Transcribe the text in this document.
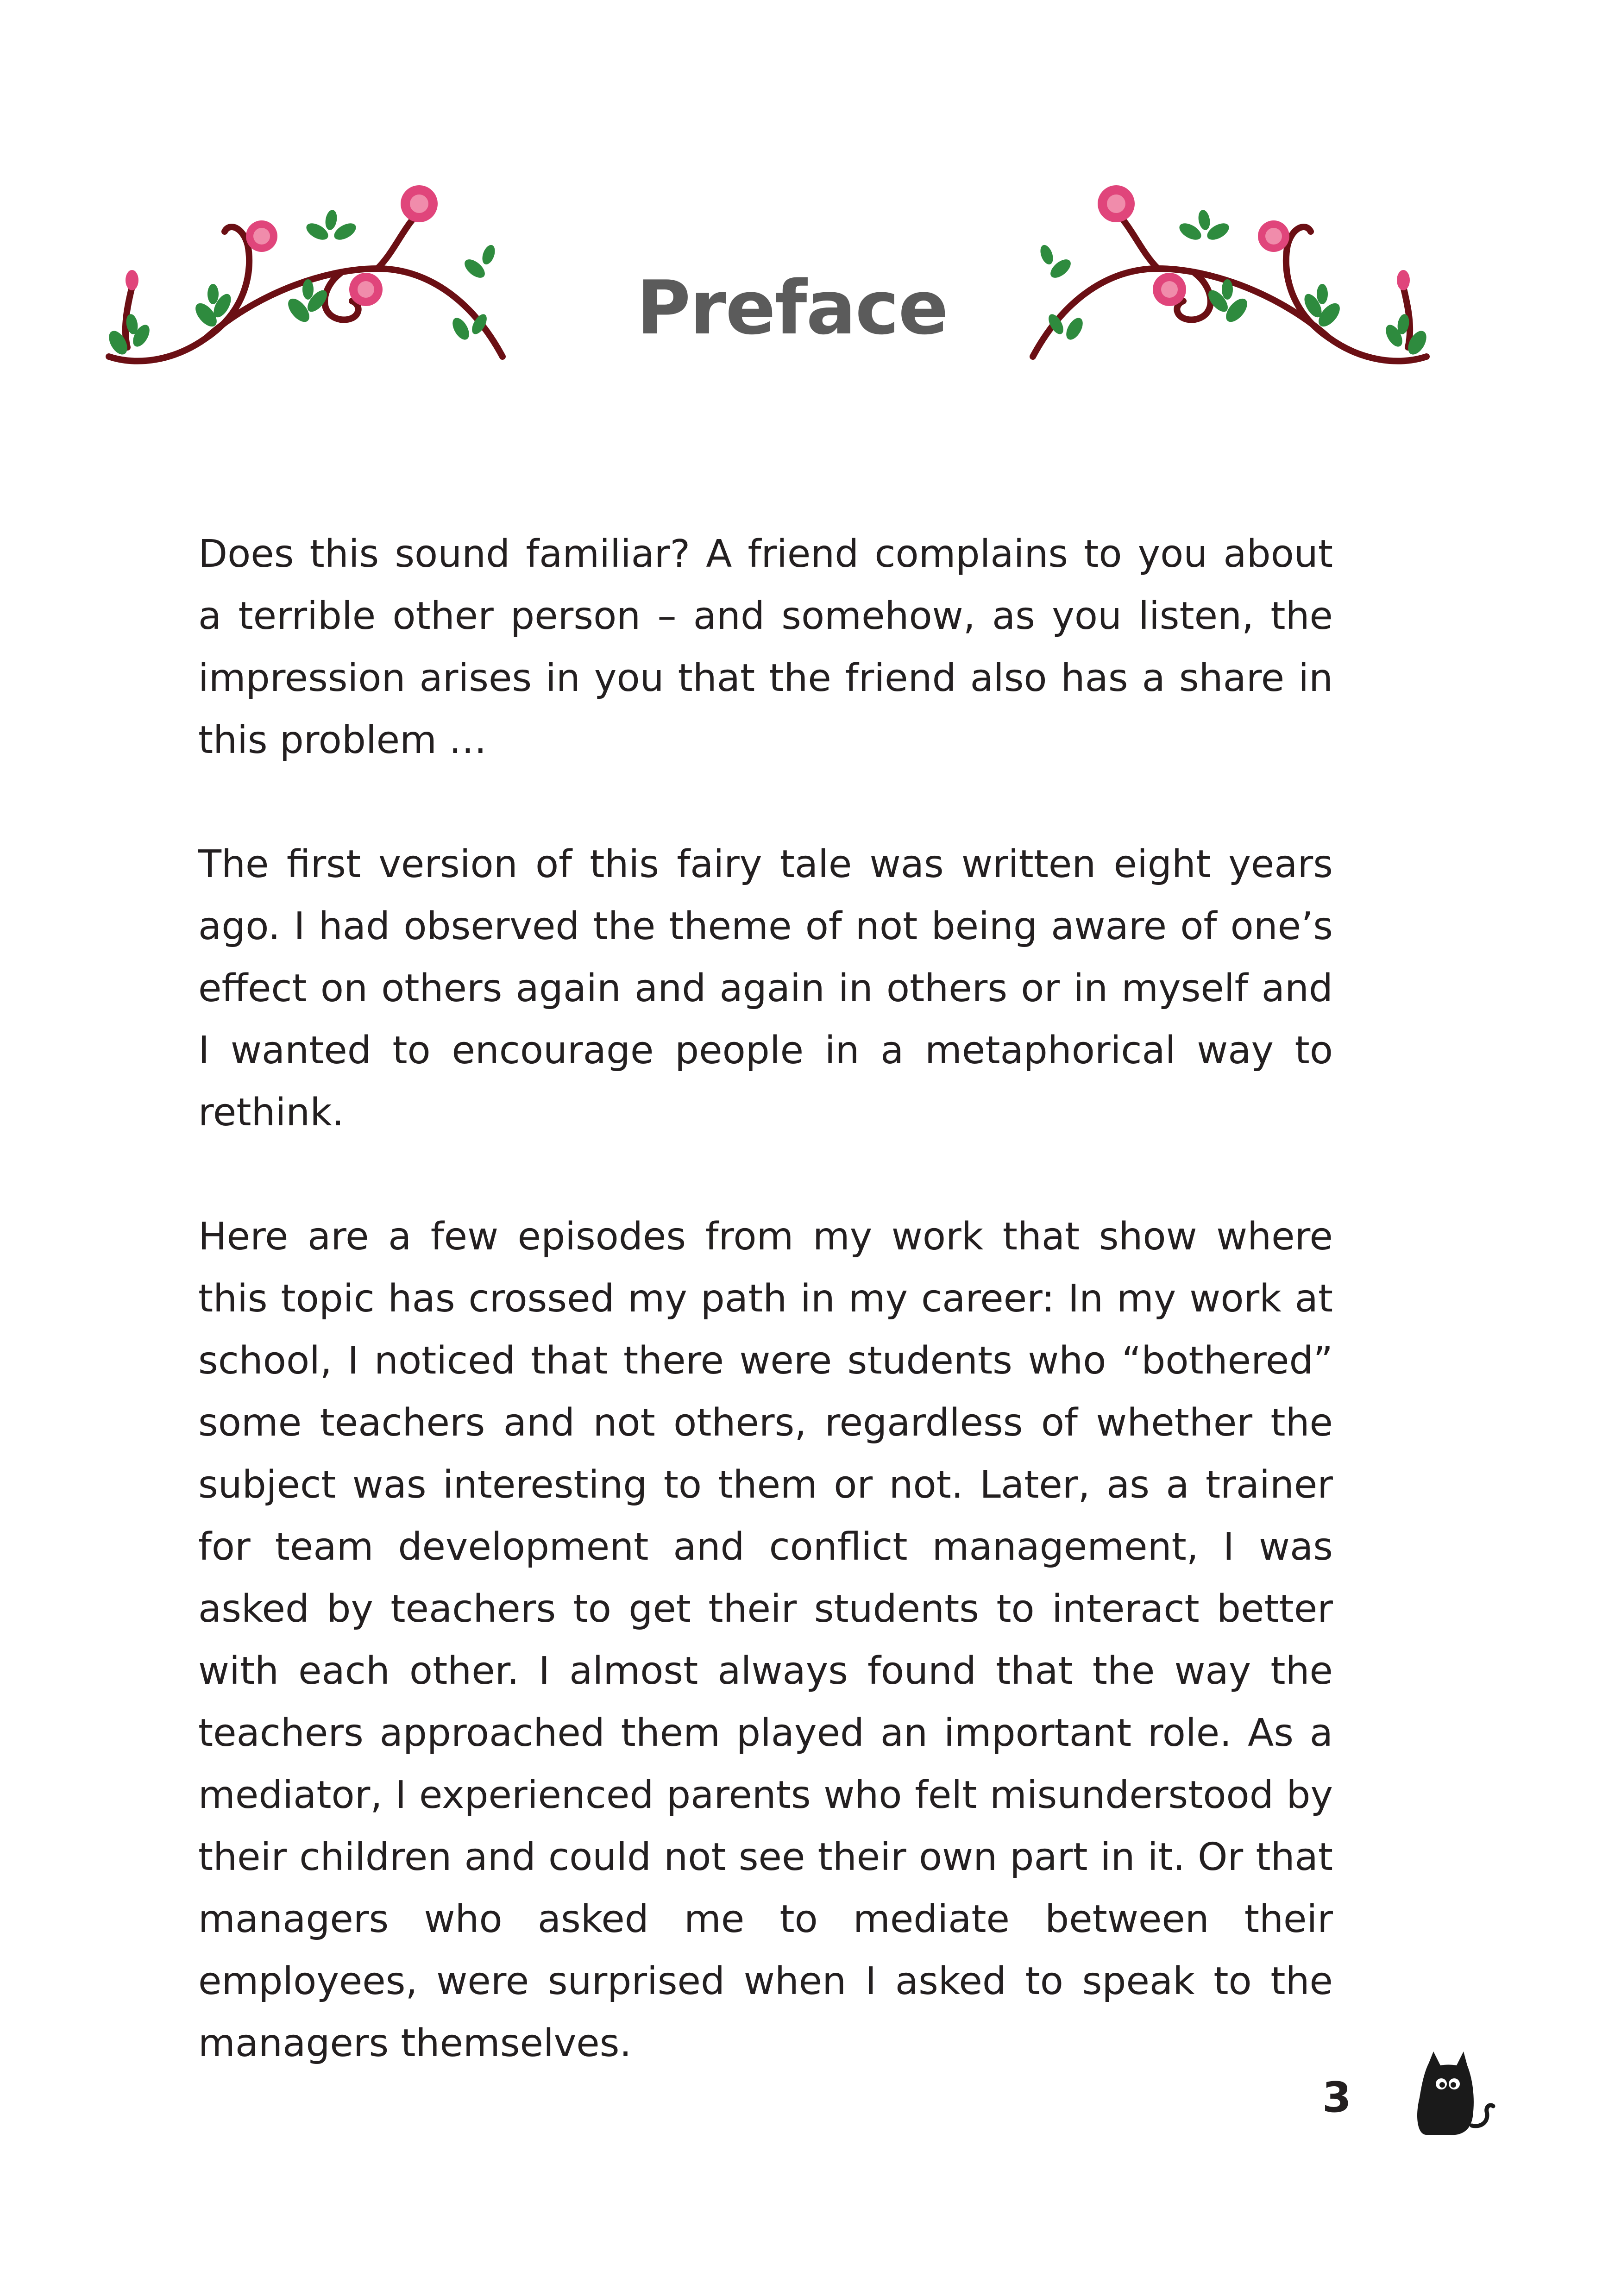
Preface

Does this sound familiar? A friend complains to you about a terrible other person – and somehow, as you listen, the impression arises in you that the friend also has a share in this problem …

The first version of this fairy tale was written eight years ago. I had observed the theme of not being aware of one’s effect on others again and again in others or in myself and I wanted to encourage people in a metaphorical way to rethink.

Here are a few episodes from my work that show where this topic has crossed my path in my career: In my work at school, I noticed that there were students who “bothered” some teachers and not others, regardless of whether the subject was interesting to them or not. Later, as a trainer for team development and conflict management, I was asked by teachers to get their students to interact better with each other. I almost always found that the way the teachers approached them played an important role. As a mediator, I experienced parents who felt misunderstood by their children and could not see their own part in it. Or that managers who asked me to mediate between their employees, were surprised when I asked to speak to the managers themselves.

3
